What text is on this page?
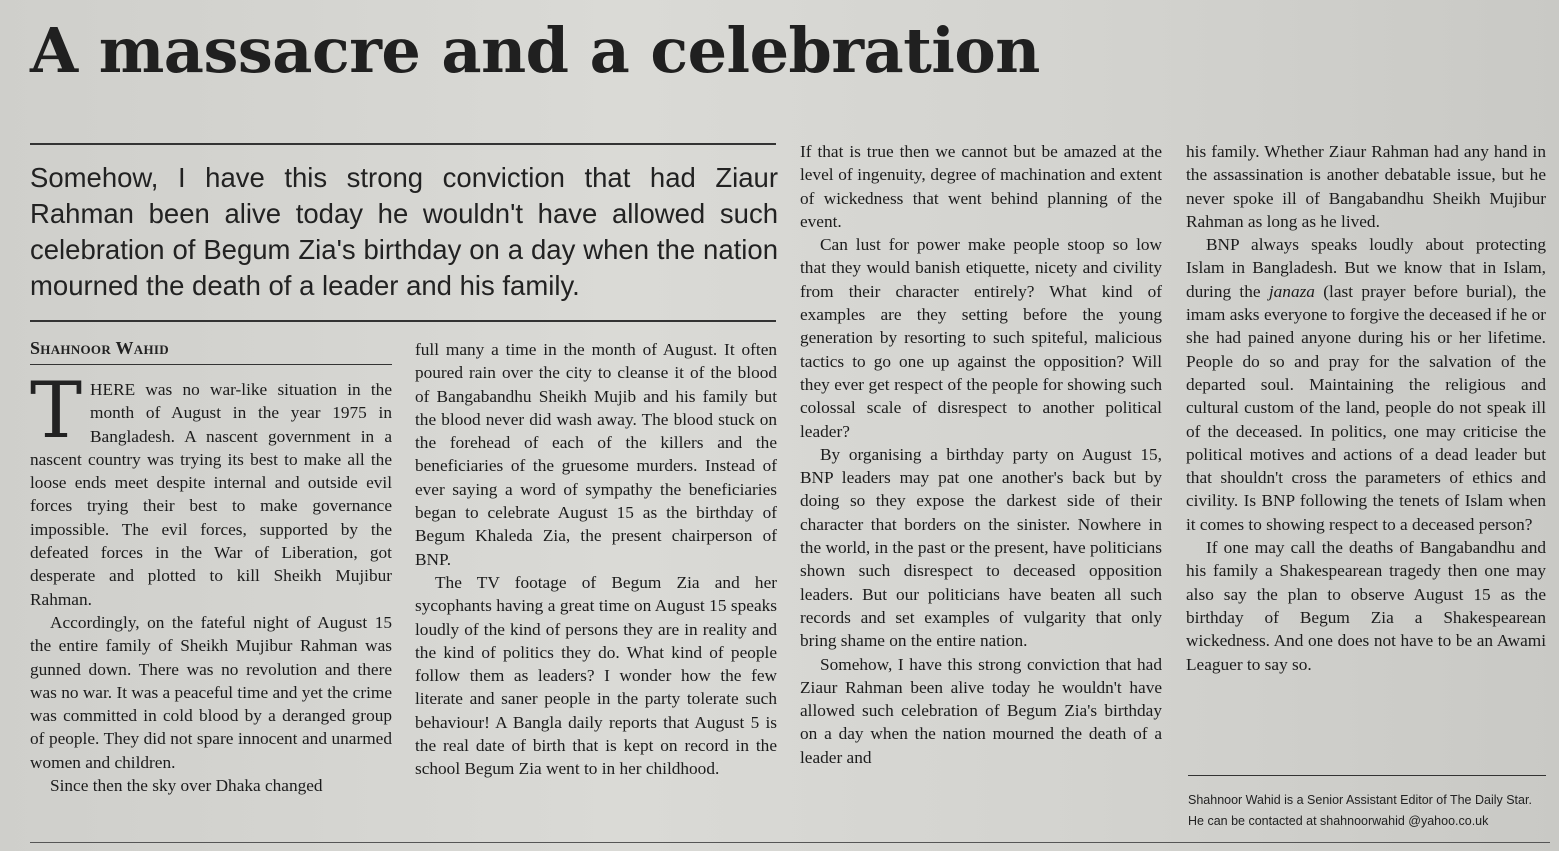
A massacre and a celebration

Somehow, I have this strong conviction that had Ziaur Rahman been alive today he wouldn't have allowed such celebration of Begum Zia's birthday on a day when the nation mourned the death of a leader and his family.

Shahnoor Wahid

THERE was no war-like situation in the month of August in the year 1975 in Bangladesh. A nascent government in a nascent country was trying its best to make all the loose ends meet despite internal and outside evil forces trying their best to make governance impossible. The evil forces, supported by the defeated forces in the War of Liberation, got desperate and plotted to kill Sheikh Mujibur Rahman.

Accordingly, on the fateful night of August 15 the entire family of Sheikh Mujibur Rahman was gunned down. There was no revolution and there was no war. It was a peaceful time and yet the crime was committed in cold blood by a deranged group of people. They did not spare innocent and unarmed women and children.

Since then the sky over Dhaka changed

full many a time in the month of August. It often poured rain over the city to cleanse it of the blood of Bangabandhu Sheikh Mujib and his family but the blood never did wash away. The blood stuck on the forehead of each of the killers and the beneficiaries of the gruesome murders. Instead of ever saying a word of sympathy the beneficiaries began to celebrate August 15 as the birthday of Begum Khaleda Zia, the present chairperson of BNP.

The TV footage of Begum Zia and her sycophants having a great time on August 15 speaks loudly of the kind of persons they are in reality and the kind of politics they do. What kind of people follow them as leaders? I wonder how the few literate and saner people in the party tolerate such behaviour! A Bangla daily reports that August 5 is the real date of birth that is kept on record in the school Begum Zia went to in her childhood.

If that is true then we cannot but be amazed at the level of ingenuity, degree of machination and extent of wickedness that went behind planning of the event.

Can lust for power make people stoop so low that they would banish etiquette, nicety and civility from their character entirely? What kind of examples are they setting before the young generation by resorting to such spiteful, malicious tactics to go one up against the opposition? Will they ever get respect of the people for showing such colossal scale of disrespect to another political leader?

By organising a birthday party on August 15, BNP leaders may pat one another's back but by doing so they expose the darkest side of their character that borders on the sinister. Nowhere in the world, in the past or the present, have politicians shown such disrespect to deceased opposition leaders. But our politicians have beaten all such records and set examples of vulgarity that only bring shame on the entire nation.

Somehow, I have this strong conviction that had Ziaur Rahman been alive today he wouldn't have allowed such celebration of Begum Zia's birthday on a day when the nation mourned the death of a leader and

his family. Whether Ziaur Rahman had any hand in the assassination is another debatable issue, but he never spoke ill of Bangabandhu Sheikh Mujibur Rahman as long as he lived.

BNP always speaks loudly about protecting Islam in Bangladesh. But we know that in Islam, during the janaza (last prayer before burial), the imam asks everyone to forgive the deceased if he or she had pained anyone during his or her lifetime. People do so and pray for the salvation of the departed soul. Maintaining the religious and cultural custom of the land, people do not speak ill of the deceased. In politics, one may criticise the political motives and actions of a dead leader but that shouldn't cross the parameters of ethics and civility. Is BNP following the tenets of Islam when it comes to showing respect to a deceased person?

If one may call the deaths of Bangabandhu and his family a Shakespearean tragedy then one may also say the plan to observe August 15 as the birthday of Begum Zia a Shakespearean wickedness. And one does not have to be an Awami Leaguer to say so.

Shahnoor Wahid is a Senior Assistant Editor of The Daily Star.
He can be contacted at shahnoorwahid @yahoo.co.uk
